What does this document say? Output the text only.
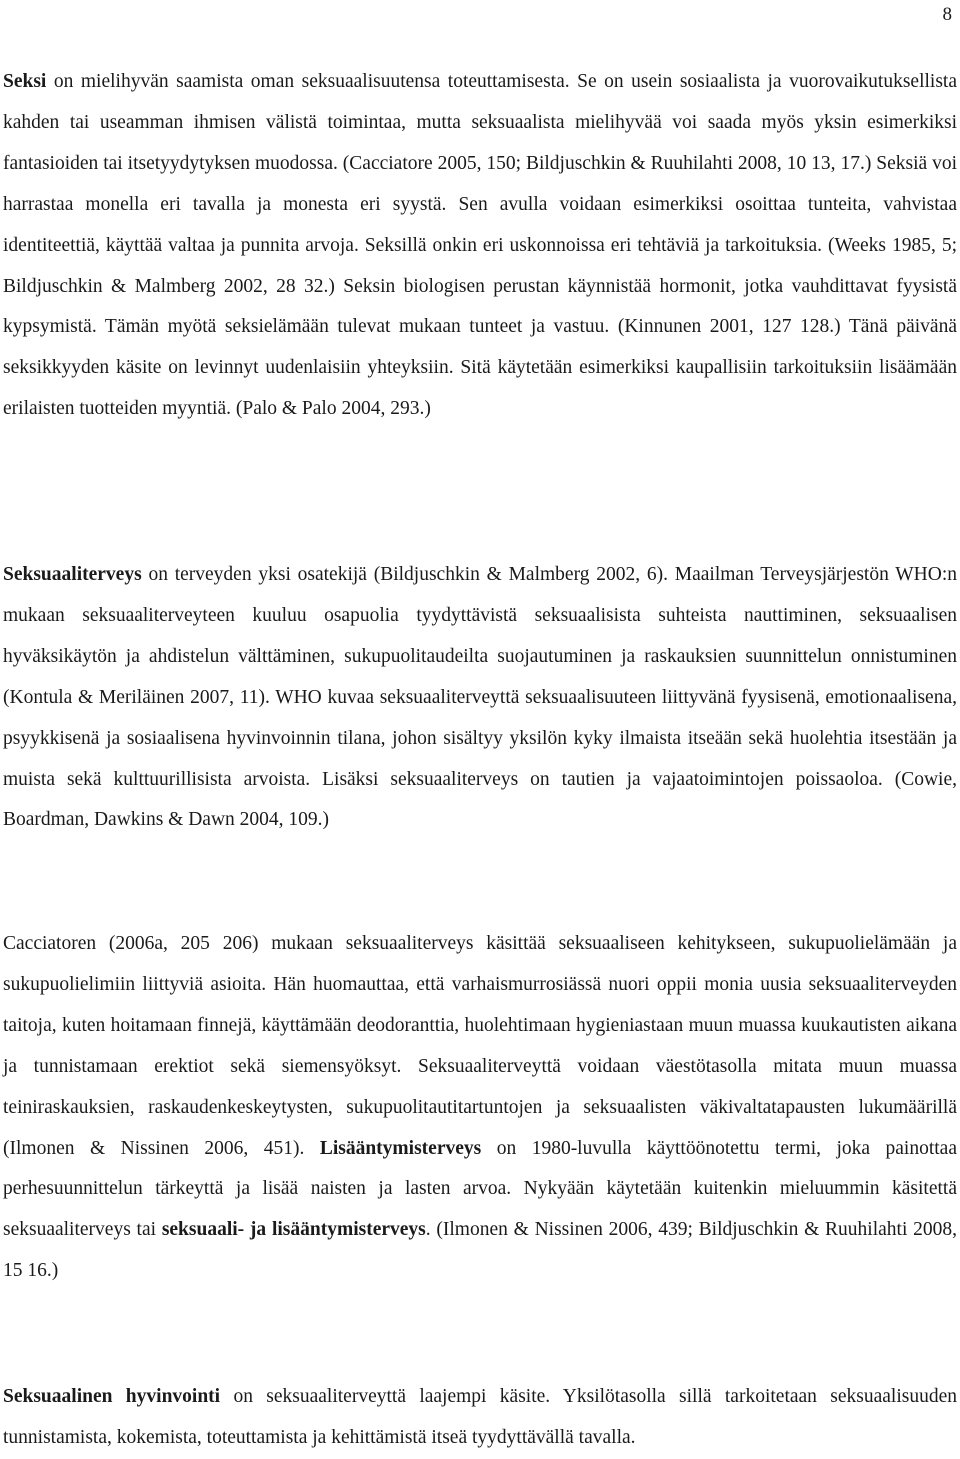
8

Seksi on mielihyvän saamista oman seksuaalisuutensa toteuttamisesta. Se on usein sosiaalista ja vuorovaikutuksellista kahden tai useamman ihmisen välistä toimintaa, mutta seksuaalista mielihyvää voi saada myös yksin esimerkiksi fantasioiden tai itsetyydytyksen muodossa. (Cacciatore 2005, 150; Bildjuschkin & Ruuhilahti 2008, 10 13, 17.) Seksiä voi harrastaa monella eri tavalla ja monesta eri syystä. Sen avulla voidaan esimerkiksi osoittaa tunteita, vahvistaa identiteettiä, käyttää valtaa ja punnita arvoja. Seksillä onkin eri uskonnoissa eri tehtäviä ja tarkoituksia. (Weeks 1985, 5; Bildjuschkin & Malmberg 2002, 28 32.) Seksin biologisen perustan käynnistää hormonit, jotka vauhdittavat fyysistä kypsymistä. Tämän myötä seksielämään tulevat mukaan tunteet ja vastuu. (Kinnunen 2001, 127 128.) Tänä päivänä seksikkyyden käsite on levinnyt uudenlaisiin yhteyksiin. Sitä käytetään esimerkiksi kaupallisiin tarkoituksiin lisäämään erilaisten tuotteiden myyntiä. (Palo & Palo 2004, 293.)

Seksuaaliterveys on terveyden yksi osatekijä (Bildjuschkin & Malmberg 2002, 6). Maailman Terveysjärjestön WHO:n mukaan seksuaaliterveyteen kuuluu osapuolia tyydyttävistä seksuaalisista suhteista nauttiminen, seksuaalisen hyväksikäytön ja ahdistelun välttäminen, sukupuolitaudeilta suojautuminen ja raskauksien suunnittelun onnistuminen (Kontula & Meriläinen 2007, 11). WHO kuvaa seksuaaliterveyttä seksuaalisuuteen liittyvänä fyysisenä, emotionaalisena, psyykkisenä ja sosiaalisena hyvinvoinnin tilana, johon sisältyy yksilön kyky ilmaista itseään sekä huolehtia itsestään ja muista sekä kulttuurillisista arvoista. Lisäksi seksuaaliterveys on tautien ja vajaatoimintojen poissaoloa. (Cowie, Boardman, Dawkins & Dawn 2004, 109.)

Cacciatoren (2006a, 205 206) mukaan seksuaaliterveys käsittää seksuaaliseen kehitykseen, sukupuolielämään ja sukupuolielimiin liittyviä asioita. Hän huomauttaa, että varhaismurrosiässä nuori oppii monia uusia seksuaaliterveyden taitoja, kuten hoitamaan finnejä, käyttämään deodoranttia, huolehtimaan hygieniastaan muun muassa kuukautisten aikana ja tunnistamaan erektiot sekä siemensyöksyt. Seksuaaliterveyttä voidaan väestötasolla mitata muun muassa teiniraskauksien, raskaudenkeskeytysten, sukupuolitautitartuntojen ja seksuaalisten väkivaltatapausten lukumäärillä (Ilmonen & Nissinen 2006, 451). Lisääntymisterveys on 1980-luvulla käyttöönotettu termi, joka painottaa perhesuunnittelun tärkeyttä ja lisää naisten ja lasten arvoa. Nykyään käytetään kuitenkin mieluummin käsitettä seksuaaliterveys tai seksuaali- ja lisääntymisterveys. (Ilmonen & Nissinen 2006, 439; Bildjuschkin & Ruuhilahti 2008, 15 16.)

Seksuaalinen hyvinvointi on seksuaaliterveyttä laajempi käsite. Yksilötasolla sillä tarkoitetaan seksuaalisuuden tunnistamista, kokemista, toteuttamista ja kehittämistä itseä tyydyttävällä tavalla.
